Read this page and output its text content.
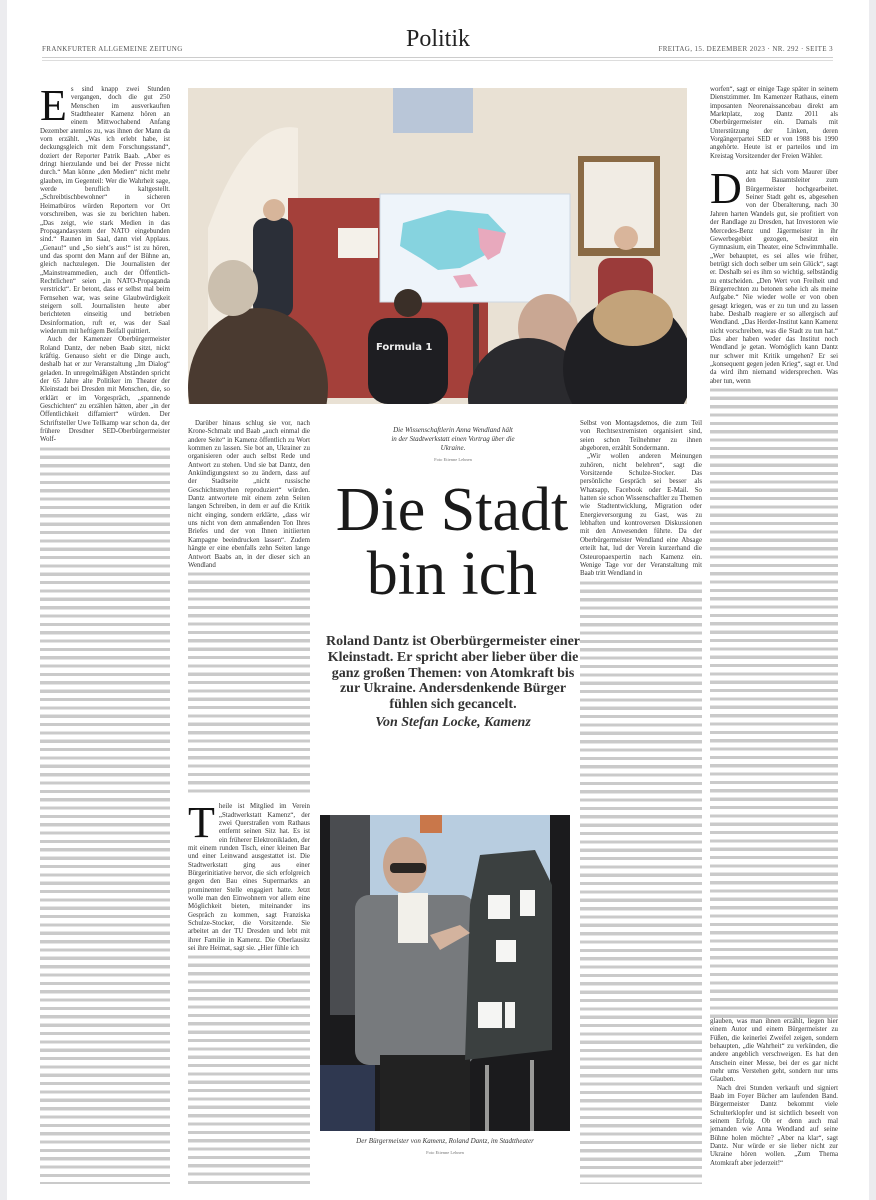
FRANKFURTER ALLGEMEINE ZEITUNG	Politik	FREITAG, 15. DEZEMBER 2023 · NR. 292 · SEITE 3

Es sind knapp zwei Stunden vergangen, doch die gut 250 Menschen im ausverkauften Stadttheater Kamenz hören an einem Mittwochabend Anfang Dezember atemlos zu, was ihnen der Mann da vorn erzählt. „Was ich erlebt habe, ist deckungsgleich mit dem Forschungsstand“, doziert der Reporter Patrik Baab. „Aber es dringt hierzulande und bei der Presse nicht durch.“ Man könne „den Medien“ nicht mehr glauben, im Gegenteil: Wer die Wahrheit sage, werde beruflich kaltgestellt. „Schreibtischbewohner“ in sicheren Heimatbüros würden Reportern vor Ort vorschreiben, was sie zu berichten haben. „Das zeigt, wie stark Medien in das Propagandasystem der NATO eingebunden sind.“ Raunen im Saal, dann viel Applaus. „Genau!“ und „So sieht’s aus!“ ist zu hören, und das spornt den Mann auf der Bühne an, gleich nachzulegen. Die Journalisten der „Mainstreammedien, auch der Öffentlich-Rechtlichen“ seien „in NATO-Propaganda verstrickt“. Er betont, dass er selbst mal beim Fernsehen war, was seine Glaubwürdigkeit steigern soll. Journalisten heute aber berichteten einseitig und betrieben Desinformation, ruft er, was der Saal wiederum mit heftigem Beifall quittiert.

Auch der Kamenzer Oberbürgermeister Roland Dantz, der neben Baab sitzt, nickt kräftig. Genauso sieht er die Dinge auch, deshalb hat er zur Veranstaltung „Im Dialog“ geladen. In unregelmäßigen Abständen spricht der 65 Jahre alte Politiker im Theater der Kleinstadt bei Dresden mit Menschen, die, so erklärt er im Vorgespräch, „spannende Geschichten“ zu erzählen hätten, aber „in der Öffentlichkeit diffamiert“ würden. Der Schriftsteller Uwe Tellkamp war schon da, der frühere Dresdner SED-Oberbürgermeister Wolf-

Formula 1
Die Wissenschaftlerin Anna Wendland hält in der Stadtwerkstatt einen Vortrag über die Ukraine.
Foto Etienne Lehnen

Darüber hinaus schlug sie vor, nach Krone-Schmalz und Baab „auch einmal die andere Seite“ in Kamenz öffentlich zu Wort kommen zu lassen. Sie bot an, Ukrainer zu organisieren oder auch selbst Rede und Antwort zu stehen. Und sie bat Dantz, den Ankündigungstext so zu ändern, dass auf der Stadtseite „nicht russische Geschichtsmythen reproduziert“ würden. Dantz antwortete mit einem zehn Seiten langen Schreiben, in dem er auf die Kritik nicht einging, sondern erklärte, „dass wir uns nicht von dem anmaßenden Ton Ihres Briefes und der von Ihnen initiierten Kampagne beeindrucken lassen“. Zudem hängte er eine ebenfalls zehn Seiten lange Antwort Baabs an, in der dieser sich an Wendland

Theile ist Mitglied im Verein „Stadtwerkstatt Kamenz“, der zwei Querstraßen vom Rathaus entfernt seinen Sitz hat. Es ist ein früherer Elektronikladen, der mit einem runden Tisch, einer kleinen Bar und einer Leinwand ausgestattet ist. Die Stadtwerkstatt ging aus einer Bürgerinitiative hervor, die sich erfolgreich gegen den Bau eines Supermarkts an prominenter Stelle engagiert hatte. Jetzt wolle man den Einwohnern vor allem eine Möglichkeit bieten, miteinander ins Gespräch zu kommen, sagt Franziska Schulze-Stocker, die Vorsitzende. Sie arbeitet an der TU Dresden und lebt mit ihrer Familie in Kamenz. Die Oberlausitz sei ihre Heimat, sagt sie. „Hier fühle ich

Die Stadt
bin ich
Roland Dantz ist Oberbürgermeister einer Kleinstadt. Er spricht aber lieber über die ganz großen Themen: von Atomkraft bis zur Ukraine. Andersdenkende Bürger fühlen sich gecancelt.
Von Stefan Locke, Kamenz
Der Bürgermeister von Kamenz, Roland Dantz, im Stadttheater
Foto Etienne Lehnen

Selbst von Montagsdemos, die zum Teil von Rechtsextremisten organisiert sind, seien schon Teilnehmer zu ihnen abgeboren, erzählt Sondermann.

„Wir wollen anderen Meinungen zuhören, nicht belehren“, sagt die Vorsitzende Schulze-Stocker. Das persönliche Gespräch sei besser als Whatsapp, Facebook oder E-Mail. So hatten sie schon Wissenschaftler zu Themen wie Stadtentwicklung, Migration oder Energieversorgung zu Gast, was zu lebhaften und kontroversen Diskussionen mit den Anwesenden führte. Da der Oberbürgermeister Wendland eine Absage erteilt hat, lud der Verein kurzerhand die Osteuropaexpertin nach Kamenz ein. Wenige Tage vor der Veranstaltung mit Baab tritt Wendland in

worfen“, sagt er einige Tage später in seinem Dienstzimmer. Im Kamenzer Rathaus, einem imposanten Neorenaissancebau direkt am Marktplatz, zog Dantz 2011 als Oberbürgermeister ein. Damals mit Unterstützung der Linken, deren Vorgängerpartei SED er von 1988 bis 1990 angehörte. Heute ist er parteilos und im Kreistag Vorsitzender der Freien Wähler.

Dantz hat sich vom Maurer über den Bauamtsleiter zum Bürgermeister hochgearbeitet. Seiner Stadt geht es, abgesehen von der Überalterung, nach 30 Jahren harten Wandels gut, sie profitiert von der Randlage zu Dresden, hat Investoren wie Mercedes-Benz und Jägermeister in ihr Gewerbegebiet gezogen, besitzt ein Gymnasium, ein Theater, eine Schwimmhalle. „Wer behauptet, es sei alles wie früher, betrügt sich doch selber um sein Glück“, sagt er. Deshalb sei es ihm so wichtig, selbständig zu entscheiden. „Den Wert von Freiheit und Bürgerrechten zu betonen sehe ich als meine Aufgabe.“ Nie wieder wolle er von oben gesagt kriegen, was er zu tun und zu lassen habe. Deshalb reagiere er so allergisch auf Wendland. „Das Herder-Institut kann Kamenz nicht vorschreiben, was die Stadt zu tun hat.“ Das aber haben weder das Institut noch Wendland je getan. Womöglich kann Dantz nur schwer mit Kritik umgehen? Er sei „konsequent gegen jeden Krieg“, sagt er. Und da wird ihm niemand widersprechen. Was aber tun, wenn

glauben, was man ihnen erzählt, liegen hier einem Autor und einem Bürgermeister zu Füßen, die keinerlei Zweifel zeigen, sondern behaupten, „die Wahrheit“ zu verkünden, die andere angeblich verschweigen. Es hat den Anschein einer Messe, bei der es gar nicht mehr ums Verstehen geht, sondern nur ums Glauben.

Nach drei Stunden verkauft und signiert Baab im Foyer Bücher am laufenden Band. Bürgermeister Dantz bekommt viele Schulterklopfer und ist sichtlich beseelt von seinem Erfolg. Ob er denn auch mal jemanden wie Anna Wendland auf seine Bühne holen möchte? „Aber na klar“, sagt Dantz. Nur würde er sie lieber nicht zur Ukraine hören wollen. „Zum Thema Atomkraft aber jederzeit!“
